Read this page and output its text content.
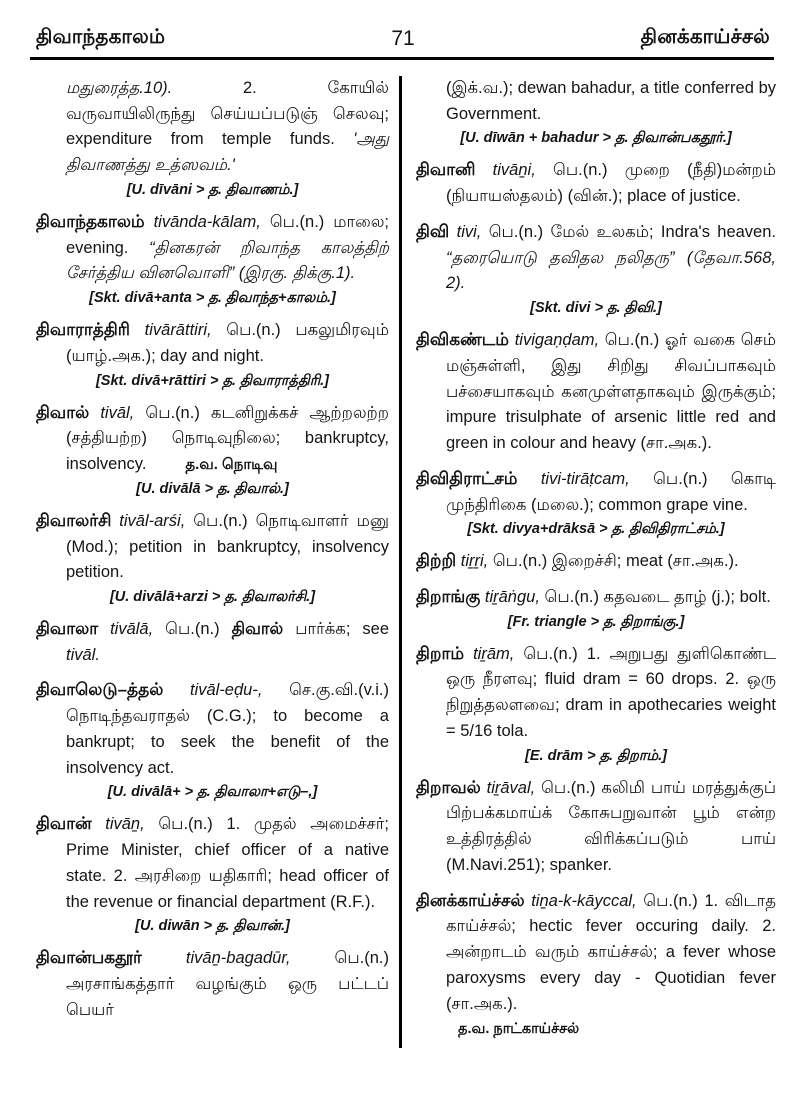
திவாந்தகாலம்	71	தினக்காய்ச்சல்

மதுரைத்த.10). 2. கோயில் வருவாயிலிருந்து செய்யப்படுஞ் செலவு; expenditure from temple funds. 'அது திவாணத்து உத்ஸவம்.'

[U. dīvāni > த. திவாணம்.]

திவாந்தகாலம் tivānda-kālam, பெ.(n.) மாலை; evening. “தினகரன் றிவாந்த காலத்திற் சேர்த்திய வினவொளி” (இரகு. திக்கு.1).

[Skt. divā+anta > த. திவாந்த+காலம்.]

திவாராத்திரி tivārāttiri, பெ.(n.) பகலுமிரவும் (யாழ்.அக.); day and night.

[Skt. divā+rāttiri > த. திவாராத்திரி.]

திவால் tivāl, பெ.(n.) கடனிறுக்கச் ஆற்றலற்ற (சத்தியற்ற) நொடிவுநிலை; bankruptcy, insolvency.	த.வ. நொடிவு

[U. divālā > த. திவால்.]

திவாலர்சி tivāl-arśi, பெ.(n.) நொடிவாளர் மனு (Mod.); petition in bankruptcy, insolvency petition.

[U. divālā+arzi > த. திவாலர்சி.]

திவாலா tivālā, பெ.(n.) திவால் பார்க்க; see tivāl.

திவாலெடு–த்தல் tivāl-eḍu-, செ.கு.வி.(v.i.) நொடிந்தவராதல் (C.G.); to become a bankrupt; to seek the benefit of the insolvency act.

[U. divālā+ > த. திவாலா+எடு–,]

திவான் tivāṉ, பெ.(n.) 1. முதல் அமைச்சர்; Prime Minister, chief officer of a native state. 2. அரசிறை யதிகாரி; head officer of the revenue or financial department (R.F.).

[U. diwān > த. திவான்.]

திவான்பகதூர்	tivāṉ-bagadūr, பெ.(n.) அரசாங்கத்தார் வழங்கும் ஒரு பட்டப் பெயர்

(இக்.வ.); dewan bahadur, a title conferred by Government.

[U. dīwān + bahadur > த. திவான்பகதூர்.]

திவானி tivāṉi, பெ.(n.) முறை (நீதி)மன்றம் (நியாயஸ்தலம்) (வின்.); place of justice.

திவி tivi, பெ.(n.) மேல் உலகம்; Indra's heaven. “தரையொடு தவிதல நலிதரு” (தேவா.568, 2).

[Skt. divi > த. திவி.]

திவிகண்டம் tivigaṇḍam, பெ.(n.) ஓர் வகை செம் மஞ்சுள்ளி, இது சிறிது சிவப்பாகவும் பச்சையாகவும் கனமுள்ளதாகவும் இருக்கும்; impure trisulphate of arsenic little red and green in colour and heavy (சா.அக.).

திவிதிராட்சம் tivi-tirāṭcam, பெ.(n.) கொடி முந்திரிகை (மலை.); common grape vine.

[Skt. divya+drāksā > த. திவிதிராட்சம்.]

திற்றி tiṟṟi, பெ.(n.) இறைச்சி; meat (சா.அக.).

திறாங்கு tiṟāṅgu, பெ.(n.) கதவடை தாழ் (j.); bolt.

[Fr. triangle > த. திறாங்கு.]

திறாம் tiṟām, பெ.(n.) 1. அறுபது துளிகொண்ட ஒரு நீரளவு; fluid dram = 60 drops. 2. ஒரு நிறுத்தலளவை; dram in apothecaries weight = 5/16 tola.

[E. drām > த. திறாம்.]

திறாவல் tiṟāval, பெ.(n.) கலிமி பாய் மரத்துக்குப் பிற்பக்கமாய்க் கோசுபறுவான் பூம் என்ற உத்திரத்தில் விரிக்கப்படும் பாய் (M.Navi.251); spanker.

தினக்காய்ச்சல் tiṉa-k-kāyccal, பெ.(n.) 1. விடாத காய்ச்சல்; hectic fever occuring daily. 2. அன்றாடம் வரும் காய்ச்சல்; a fever whose paroxysms every day - Quotidian fever (சா.அக.).

த.வ. நாட்காய்ச்சல்
